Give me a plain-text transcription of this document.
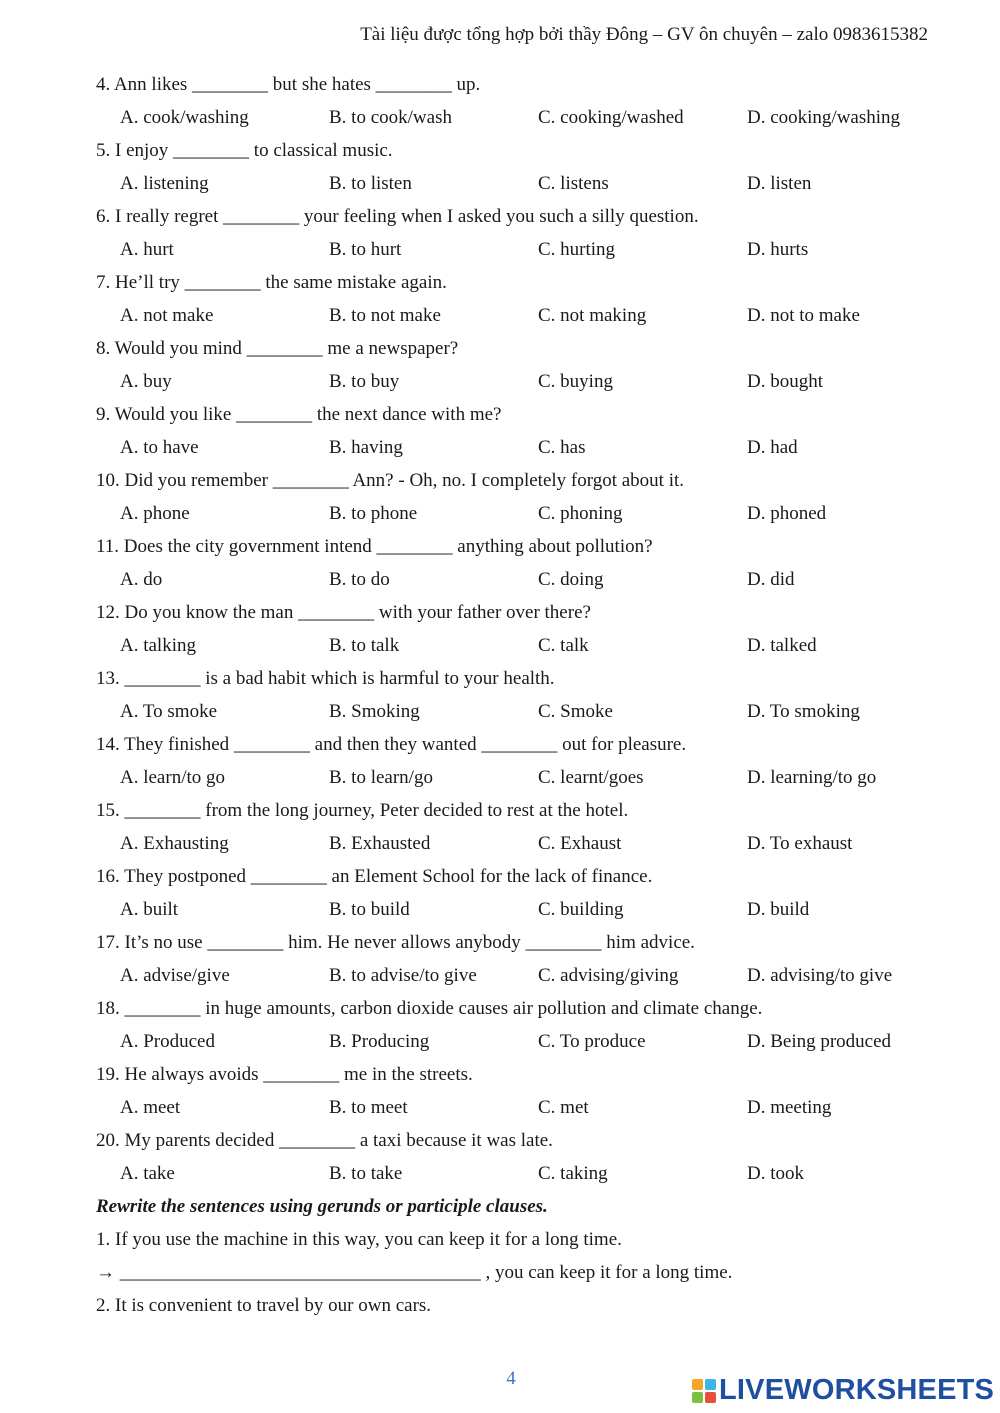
Tài liệu được tổng hợp bởi thầy Đông – GV ôn chuyên – zalo 0983615382
4. Ann likes ________ but she hates ________ up.
A. cook/washing	B. to cook/wash	C. cooking/washed	D. cooking/washing
5. I enjoy ________ to classical music.
A. listening	B. to listen	C. listens	D. listen
6. I really regret ________ your feeling when I asked you such a silly question.
A. hurt	B. to hurt	C. hurting	D. hurts
7. He’ll try ________ the same mistake again.
A. not make	B. to not make	C. not making	D. not to make
8. Would you mind ________ me a newspaper?
A. buy	B. to buy	C. buying	D. bought
9. Would you like ________ the next dance with me?
A. to have	B. having	C. has	D. had
10. Did you remember ________ Ann? - Oh, no. I completely forgot about it.
A. phone	B. to phone	C. phoning	D. phoned
11. Does the city government intend ________ anything about pollution?
A. do	B. to do	C. doing	D. did
12. Do you know the man ________ with your father over there?
A. talking	B. to talk	C. talk	D. talked
13. ________ is a bad habit which is harmful to your health.
A. To smoke	B. Smoking	C. Smoke	D. To smoking
14. They finished ________ and then they wanted ________ out for pleasure.
A. learn/to go	B. to learn/go	C. learnt/goes	D. learning/to go
15. ________ from the long journey, Peter decided to rest at the hotel.
A. Exhausting	B. Exhausted	C. Exhaust	D. To exhaust
16. They postponed ________ an Element School for the lack of finance.
A. built	B. to build	C. building	D. build
17. It’s no use ________ him. He never allows anybody ________ him advice.
A. advise/give	B. to advise/to give	C. advising/giving	D. advising/to give
18. ________ in huge amounts, carbon dioxide causes air pollution and climate change.
A. Produced	B. Producing	C. To produce	D. Being produced
19. He always avoids ________ me in the streets.
A. meet	B. to meet	C. met	D. meeting
20. My parents decided ________ a taxi because it was late.
A. take	B. to take	C. taking	D. took
Rewrite the sentences using gerunds or participle clauses.
1. If you use the machine in this way, you can keep it for a long time.
→ ______________________________________ , you can keep it for a long time.
2. It is convenient to travel by our own cars.
4	LIVEWORKSHEETS
